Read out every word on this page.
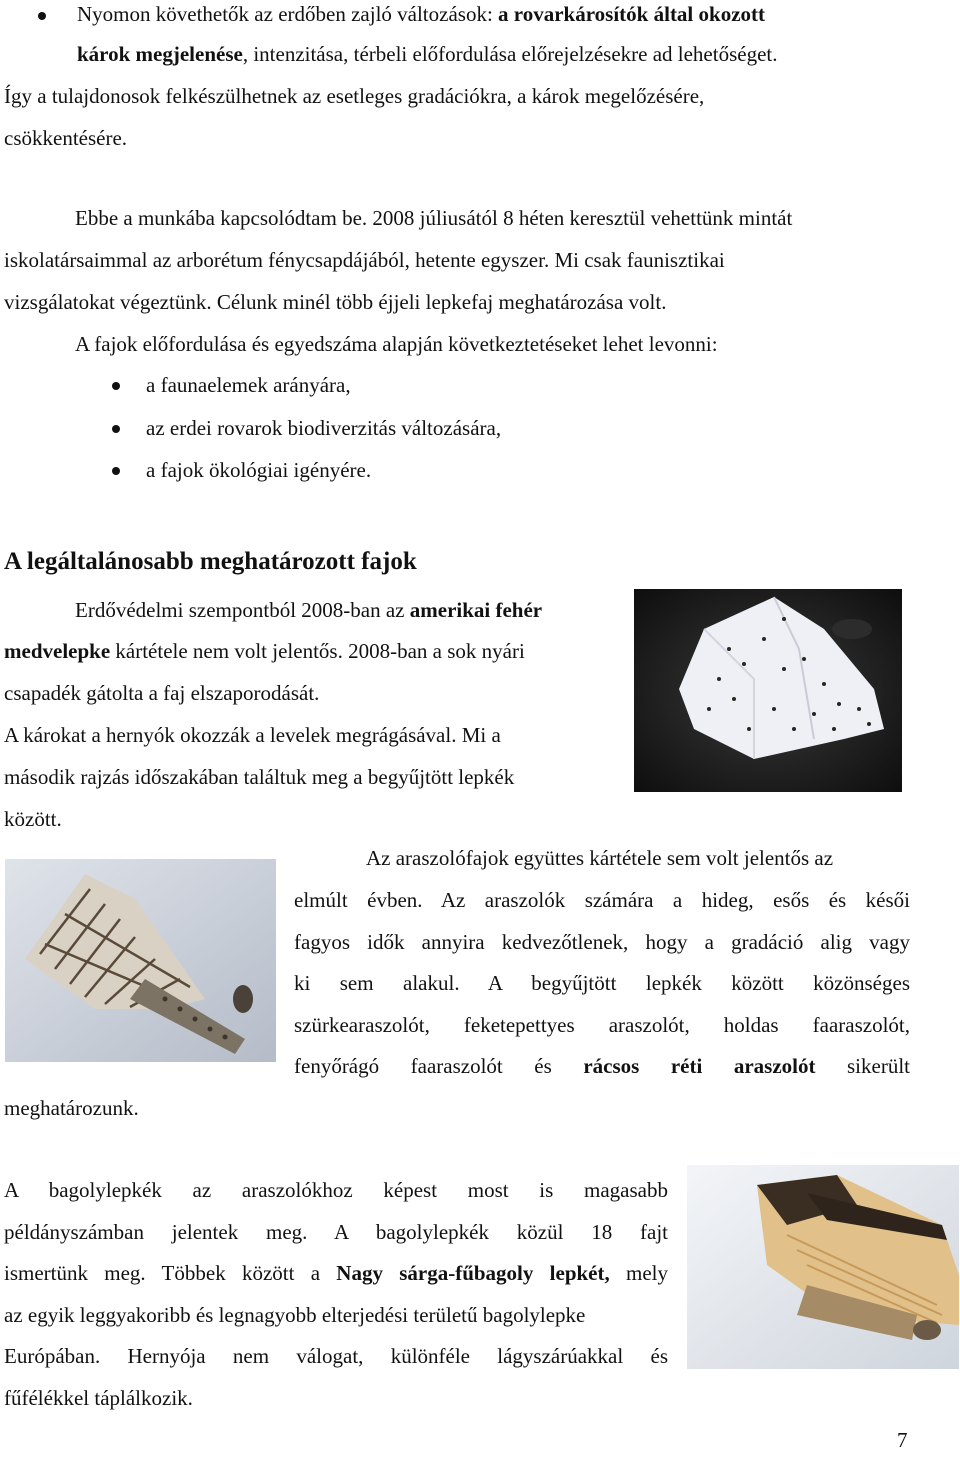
Nyomon követhetők az erdőben zajló változások: a rovarkárosítók által okozott
károk megjelenése, intenzitása, térbeli előfordulása előrejelzésekre ad lehetőséget.
Így a tulajdonosok felkészülhetnek az esetleges gradációkra, a károk megelőzésére,
csökkentésére.
Ebbe a munkába kapcsolódtam be. 2008 júliusától 8 héten keresztül vehettünk mintát
iskolatársaimmal az arborétum fénycsapdájából, hetente egyszer. Mi csak faunisztikai
vizsgálatokat végeztünk. Célunk minél több éjjeli lepkefaj meghatározása volt.
A fajok előfordulása és egyedszáma alapján következtetéseket lehet levonni:
a faunaelemek arányára,
az erdei rovarok biodiverzitás változására,
a fajok ökológiai igényére.
A legáltalánosabb meghatározott fajok
Erdővédelmi szempontból 2008-ban az amerikai fehér
medvelepke kártétele nem volt jelentős. 2008-ban a sok nyári
csapadék gátolta a faj elszaporodását.
A károkat a hernyók okozzák a levelek megrágásával. Mi a
második rajzás időszakában találtuk meg a begyűjtött lepkék
között.
Az araszolófajok együttes kártétele sem volt jelentős az
elmúlt évben. Az araszolók számára a hideg, esős és késői
fagyos idők annyira kedvezőtlenek, hogy a gradáció alig vagy
ki sem alakul. A begyűjtött lepkék között közönséges
szürkearaszolót, feketepettyes araszolót, holdas faaraszolót,
fenyőrágó faaraszolót és rácsos réti araszolót sikerült
meghatározunk.
A bagolylepkék az araszolókhoz képest most is magasabb
példányszámban jelentek meg. A bagolylepkék közül 18 fajt
ismertünk meg. Többek között a Nagy sárga-fűbagoly lepkét, mely
az egyik leggyakoribb és legnagyobb elterjedési területű bagolylepke
Európában. Hernyója nem válogat, különféle lágyszárúakkal és
fűfélékkel táplálkozik.
7
